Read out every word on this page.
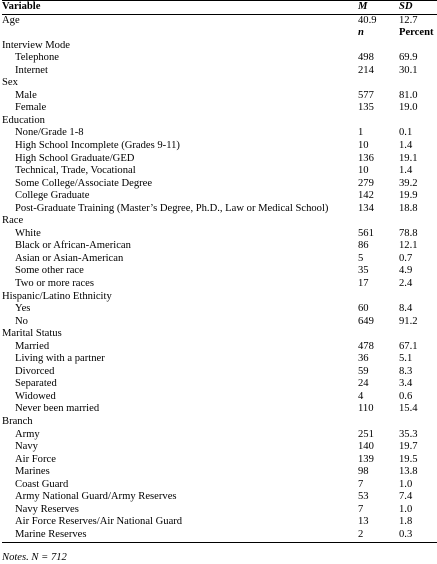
Variable	M	SD
Age	40.9	12.7
	n	Percent
Interview Mode		
Telephone	498	69.9
Internet	214	30.1
Sex		
Male	577	81.0
Female	135	19.0
Education		
None/Grade 1-8	1	0.1
High School Incomplete (Grades 9-11)	10	1.4
High School Graduate/GED	136	19.1
Technical, Trade, Vocational	10	1.4
Some College/Associate Degree	279	39.2
College Graduate	142	19.9
Post-Graduate Training (Master’s Degree, Ph.D., Law or Medical School)	134	18.8
Race		
White	561	78.8
Black or African-American	86	12.1
Asian or Asian-American	5	0.7
Some other race	35	4.9
Two or more races	17	2.4
Hispanic/Latino Ethnicity		
Yes	60	8.4
No	649	91.2
Marital Status		
Married	478	67.1
Living with a partner	36	5.1
Divorced	59	8.3
Separated	24	3.4
Widowed	4	0.6
Never been married	110	15.4
Branch		
Army	251	35.3
Navy	140	19.7
Air Force	139	19.5
Marines	98	13.8
Coast Guard	7	1.0
Army National Guard/Army Reserves	53	7.4
Navy Reserves	7	1.0
Air Force Reserves/Air National Guard	13	1.8
Marine Reserves	2	0.3
Notes. N = 712
